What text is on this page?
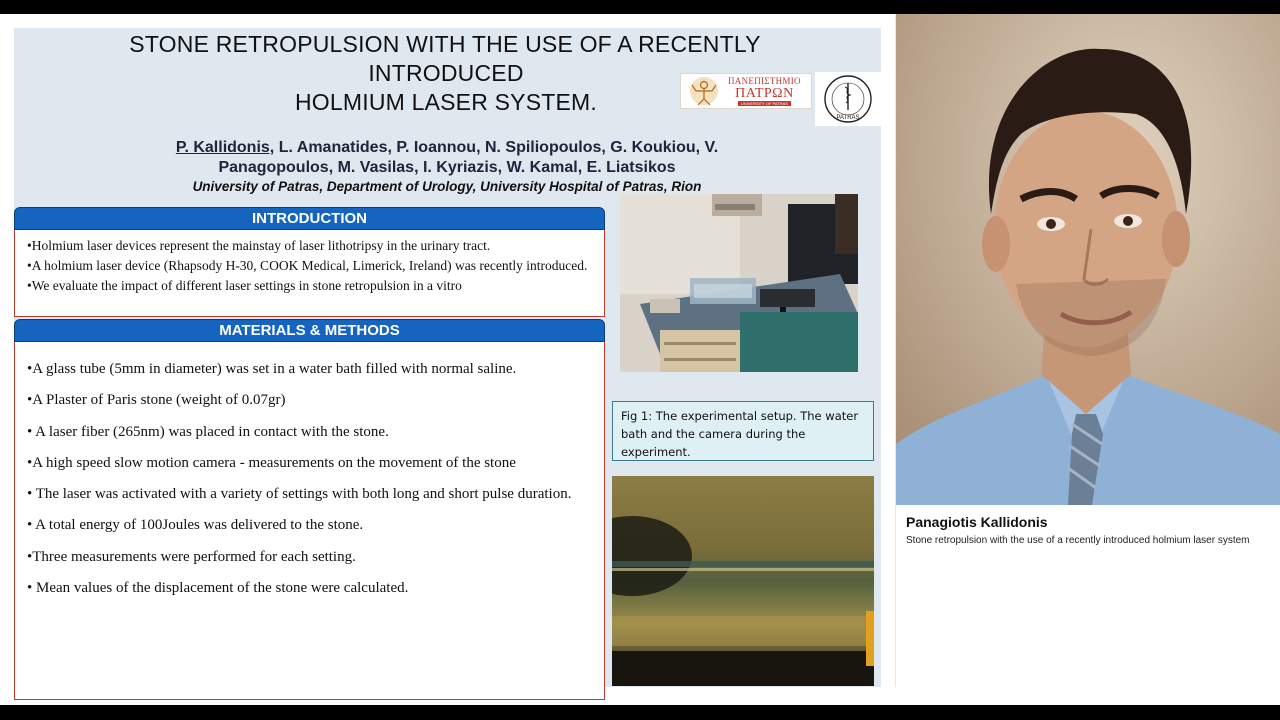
STONE RETROPULSION WITH THE USE OF A RECENTLY
INTRODUCED
HOLMIUM LASER SYSTEM.
ΠΑΝΕΠΙΣΤΗΜΙΟ
ΠΑΤΡΩΝ
UNIVERSITY OF PATRAS
PATRAS
P. Kallidonis, L. Amanatides, P. Ioannou, N. Spiliopoulos, G. Koukiou, V.
Panagopoulos, M. Vasilas, I. Kyriazis, W. Kamal, E. Liatsikos
University of Patras, Department of Urology, University Hospital of Patras, Rion
INTRODUCTION

•Holmium laser devices represent the mainstay of laser lithotripsy in the urinary tract.

•A holmium laser device (Rhapsody H-30, COOK Medical, Limerick, Ireland) was recently introduced.

•We evaluate the impact of different laser settings in stone retropulsion in a vitro

MATERIALS & METHODS

•A glass tube (5mm in diameter) was set in a water bath filled with normal saline.

•A Plaster of Paris stone (weight of 0.07gr)

• A laser fiber (265nm) was placed in contact with the stone.

•A high speed slow motion camera - measurements on the movement of the stone

• The laser was activated with a variety of settings with both long and short pulse duration.

• A total energy of 100Joules was delivered to the stone.

•Three measurements were performed for each setting.

• Mean values of the displacement of the stone were calculated.

Fig 1: The experimental setup. The water bath and the camera during the experiment.
Panagiotis Kallidonis
Stone retropulsion with the use of a recently introduced holmium laser system
